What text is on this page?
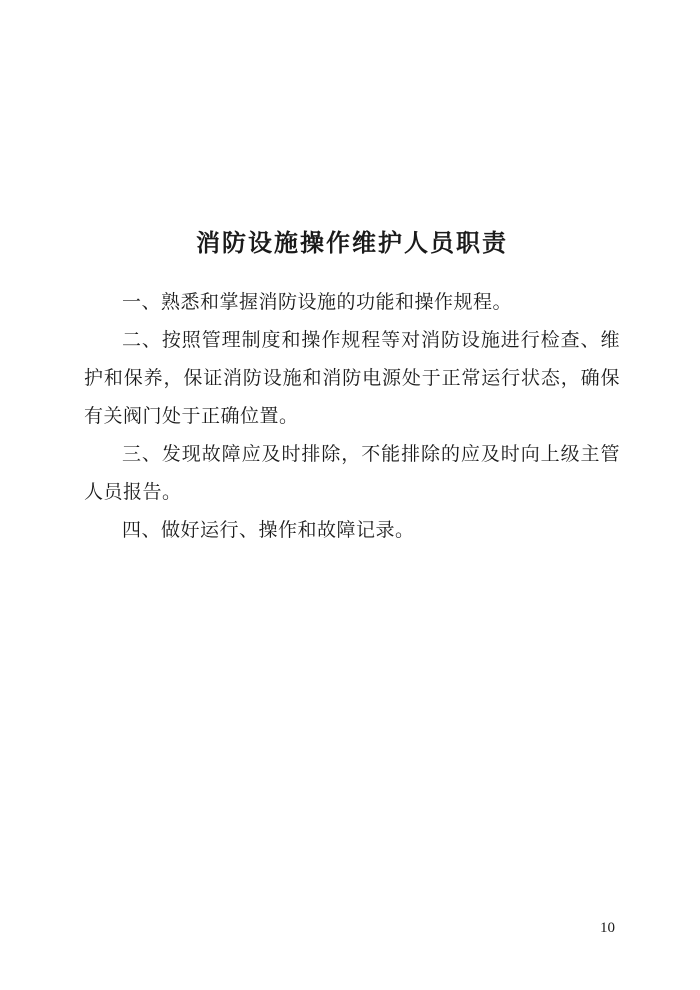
消防设施操作维护人员职责

一、熟悉和掌握消防设施的功能和操作规程。

二、按照管理制度和操作规程等对消防设施进行检查、维护和保养，保证消防设施和消防电源处于正常运行状态，确保有关阀门处于正确位置。

三、发现故障应及时排除，不能排除的应及时向上级主管人员报告。

四、做好运行、操作和故障记录。

10
